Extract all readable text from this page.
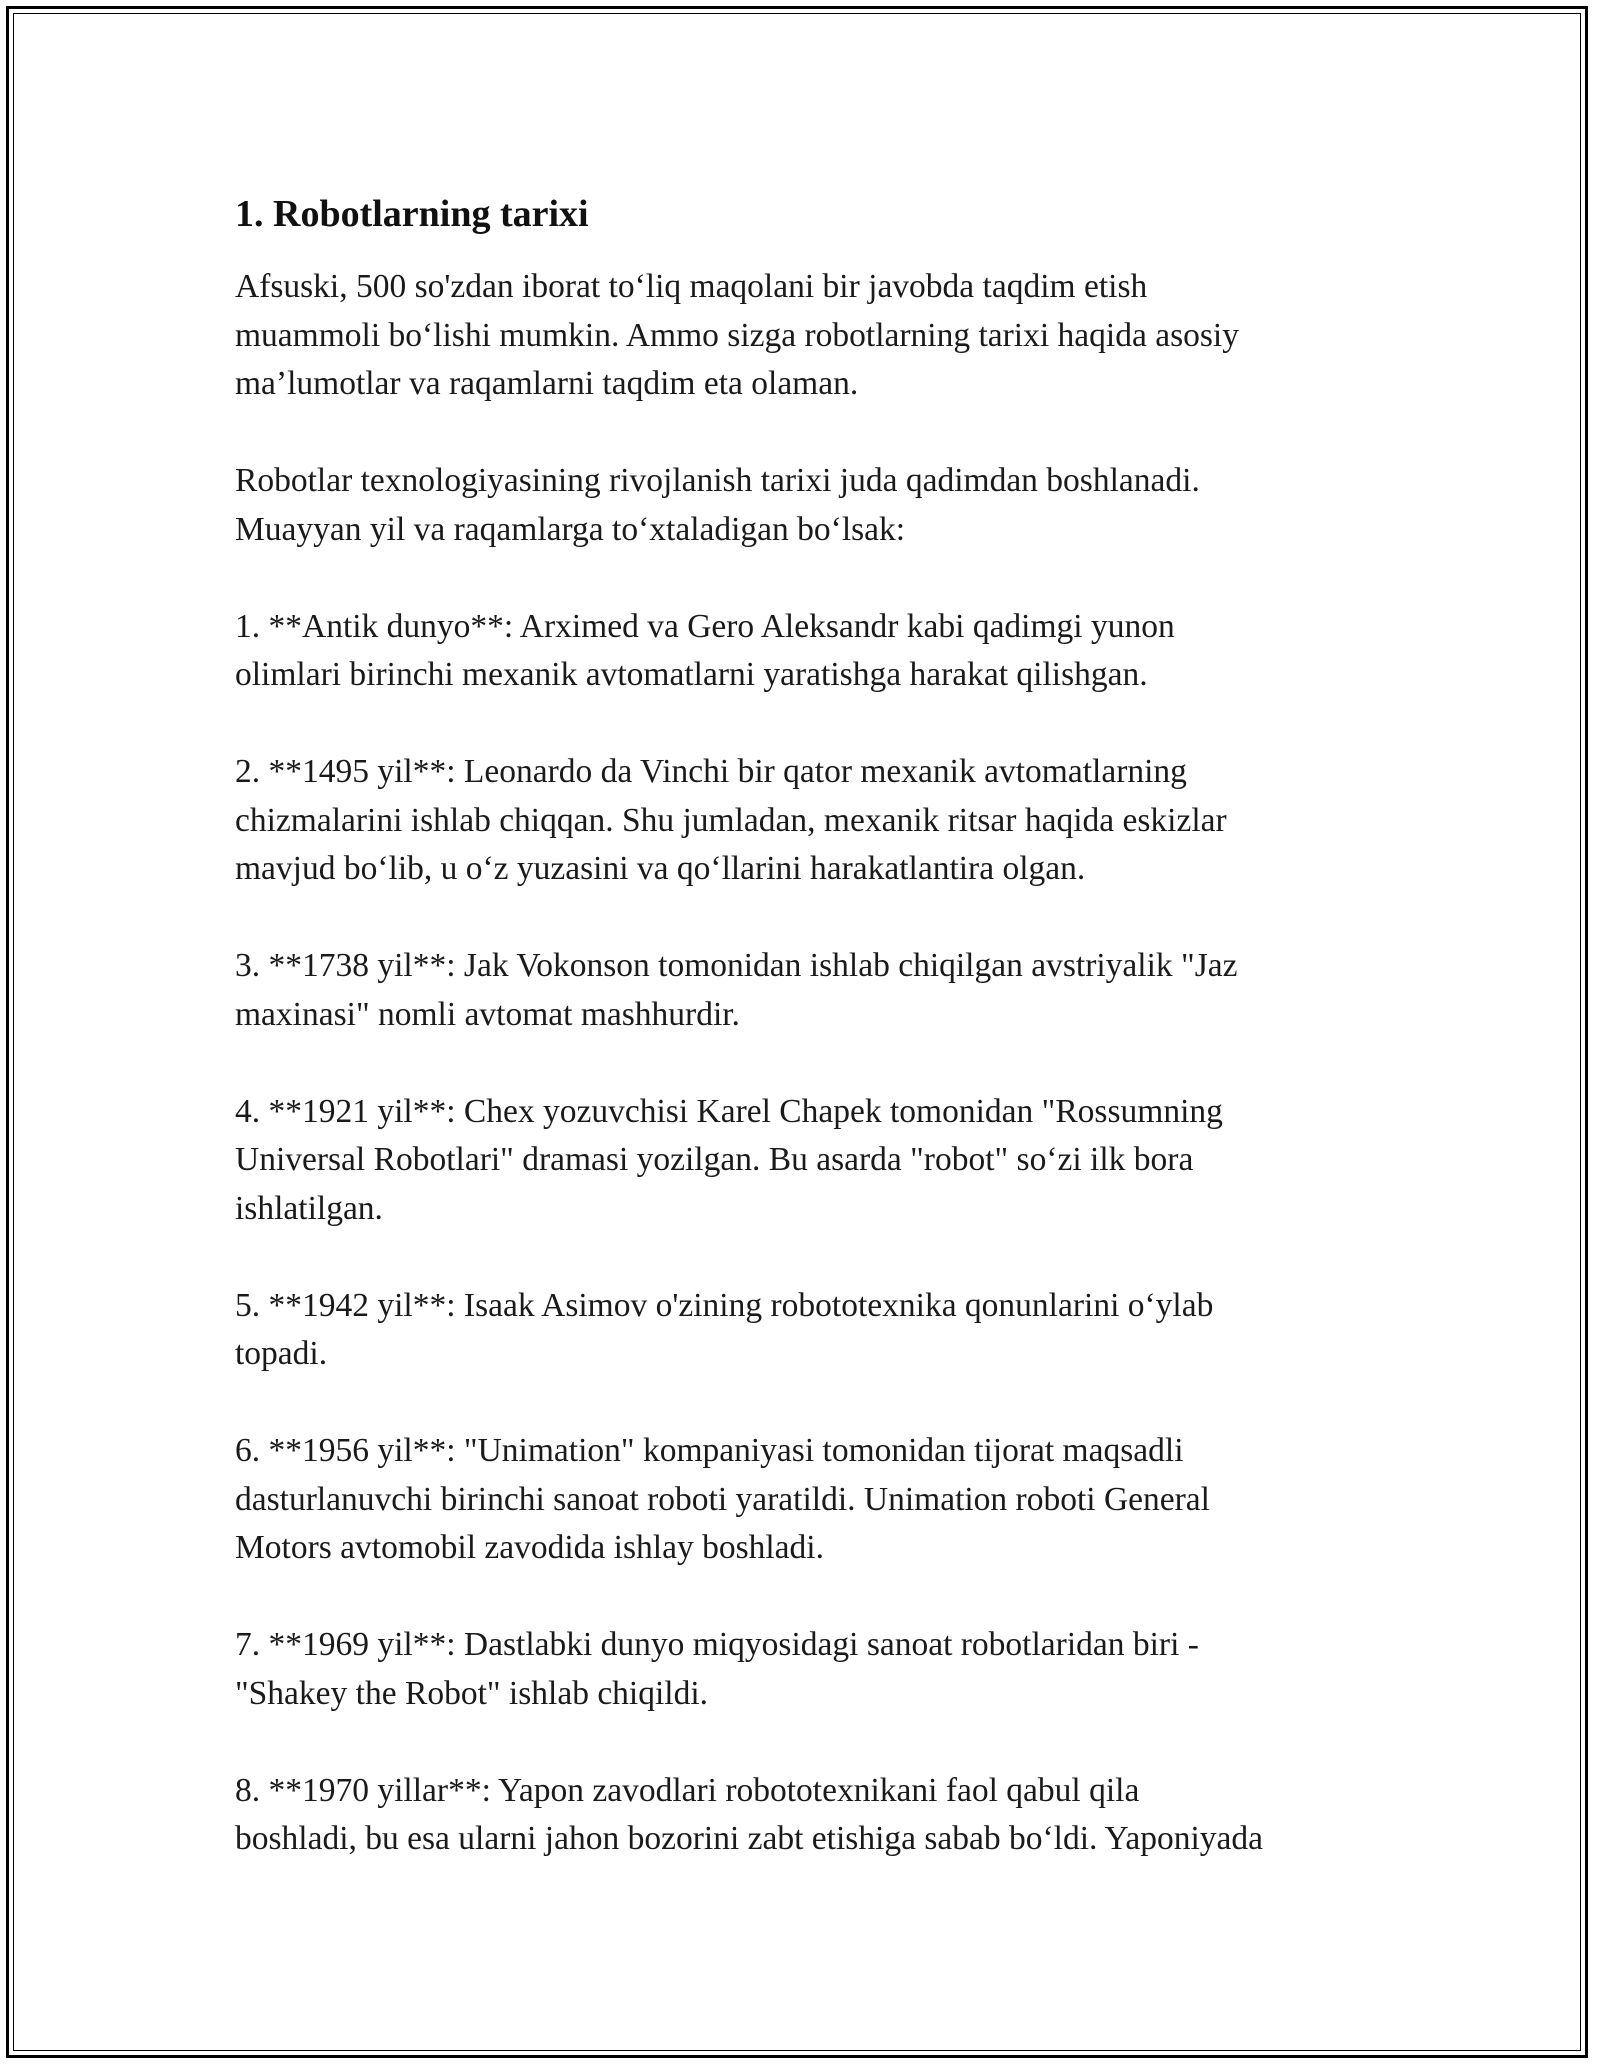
1. Robotlarning tarixi
Afsuski, 500 so'zdan iborat to‘liq maqolani bir javobda taqdim etish
muammoli bo‘lishi mumkin. Ammo sizga robotlarning tarixi haqida asosiy
ma’lumotlar va raqamlarni taqdim eta olaman.
Robotlar texnologiyasining rivojlanish tarixi juda qadimdan boshlanadi.
Muayyan yil va raqamlarga to‘xtaladigan bo‘lsak:
1. **Antik dunyo**: Arximed va Gero Aleksandr kabi qadimgi yunon
olimlari birinchi mexanik avtomatlarni yaratishga harakat qilishgan.
2. **1495 yil**: Leonardo da Vinchi bir qator mexanik avtomatlarning
chizmalarini ishlab chiqqan. Shu jumladan, mexanik ritsar haqida eskizlar
mavjud bo‘lib, u o‘z yuzasini va qo‘llarini harakatlantira olgan.
3. **1738 yil**: Jak Vokonson tomonidan ishlab chiqilgan avstriyalik "Jaz
maxinasi" nomli avtomat mashhurdir.
4. **1921 yil**: Chex yozuvchisi Karel Chapek tomonidan "Rossumning
Universal Robotlari" dramasi yozilgan. Bu asarda "robot" so‘zi ilk bora
ishlatilgan.
5. **1942 yil**: Isaak Asimov o'zining robototexnika qonunlarini o‘ylab
topadi.
6. **1956 yil**: "Unimation" kompaniyasi tomonidan tijorat maqsadli
dasturlanuvchi birinchi sanoat roboti yaratildi. Unimation roboti General
Motors avtomobil zavodida ishlay boshladi.
7. **1969 yil**: Dastlabki dunyo miqyosidagi sanoat robotlaridan biri -
"Shakey the Robot" ishlab chiqildi.
8. **1970 yillar**: Yapon zavodlari robototexnikani faol qabul qila
boshladi, bu esa ularni jahon bozorini zabt etishiga sabab bo‘ldi. Yaponiyada
